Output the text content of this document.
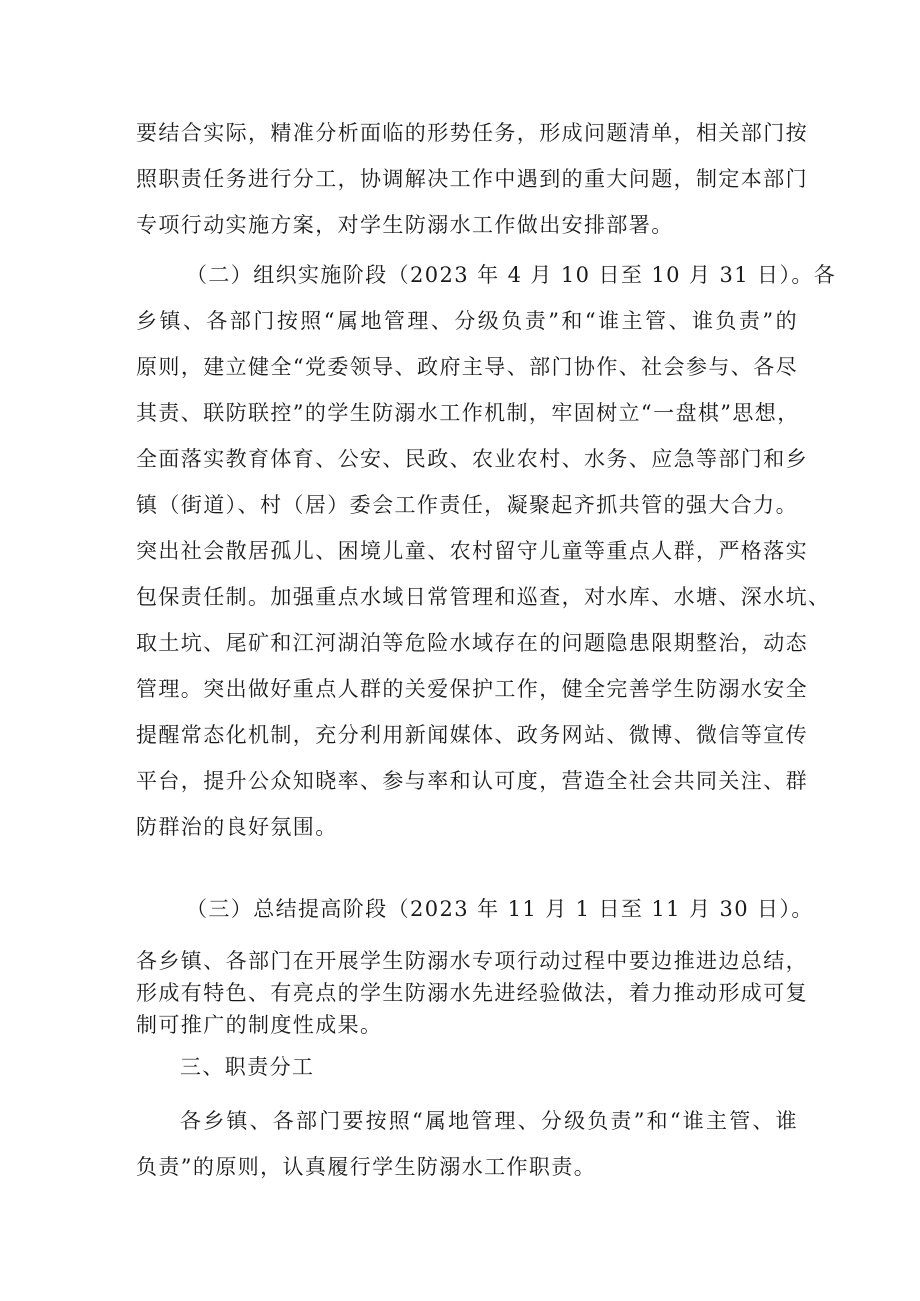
要结合实际，精准分析面临的形势任务，形成问题清单，相关部门按
照职责任务进行分工，协调解决工作中遇到的重大问题，制定本部门
专项行动实施方案，对学生防溺水工作做出安排部署。
（二）组织实施阶段（2023 年 4 月 10 日至 10 月 31 日）。各
乡镇、各部门按照“属地管理、分级负责”和“谁主管、谁负责”的
原则，建立健全“党委领导、政府主导、部门协作、社会参与、各尽
其责、联防联控”的学生防溺水工作机制，牢固树立“一盘棋”思想，
全面落实教育体育、公安、民政、农业农村、水务、应急等部门和乡
镇（街道）、村（居）委会工作责任，凝聚起齐抓共管的强大合力。
突出社会散居孤儿、困境儿童、农村留守儿童等重点人群，严格落实
包保责任制。加强重点水域日常管理和巡查，对水库、水塘、深水坑、
取土坑、尾矿和江河湖泊等危险水域存在的问题隐患限期整治，动态
管理。突出做好重点人群的关爱保护工作，健全完善学生防溺水安全
提醒常态化机制，充分利用新闻媒体、政务网站、微博、微信等宣传
平台，提升公众知晓率、参与率和认可度，营造全社会共同关注、群
防群治的良好氛围。
（三）总结提高阶段（2023 年 11 月 1 日至 11 月 30 日）。
各乡镇、各部门在开展学生防溺水专项行动过程中要边推进边总结，
形成有特色、有亮点的学生防溺水先进经验做法，着力推动形成可复
制可推广的制度性成果。
三、职责分工
各乡镇、各部门要按照“属地管理、分级负责”和“谁主管、谁
负责”的原则，认真履行学生防溺水工作职责。
